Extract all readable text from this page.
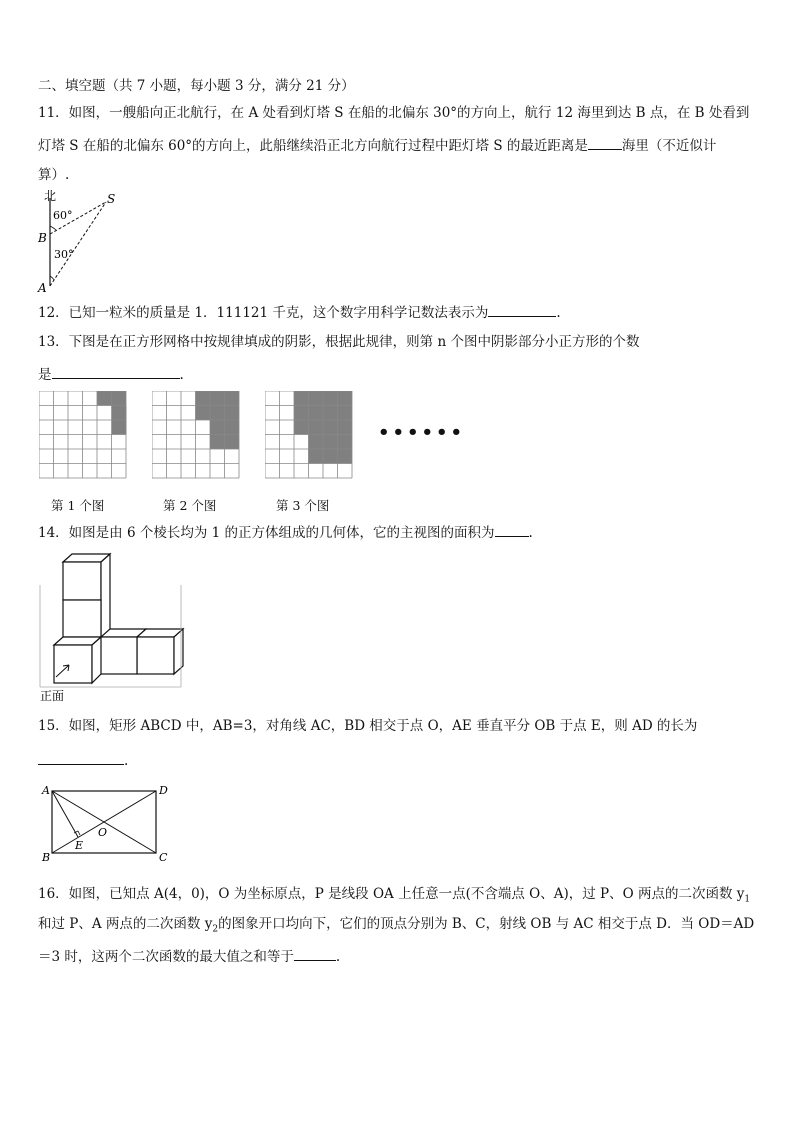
二、填空题（共 7 小题，每小题 3 分，满分 21 分）
11．如图，一艘船向正北航行，在 A 处看到灯塔 S 在船的北偏东 30°的方向上，航行 12 海里到达 B 点，在 B 处看到
灯塔 S 在船的北偏东 60°的方向上，此船继续沿正北方向航行过程中距灯塔 S 的最近距离是	海里（不近似计
算）.
北	S
60°
B
30°
A
12．已知一粒米的质量是 1．111121 千克，这个数字用科学记数法表示为	.
13．下图是在正方形网格中按规律填成的阴影，根据此规律，则第 n 个图中阴影部分小正方形的个数
是	.
••••••
第 1 个图	第 2 个图	第 3 个图
14．如图是由 6 个棱长均为 1 的正方体组成的几何体，它的主视图的面积为	.
正面
15．如图，矩形 ABCD 中，AB=3，对角线 AC，BD 相交于点 O，AE 垂直平分 OB 于点 E，则 AD 的长为
.
A	D
B	C
O
E
16．如图，已知点 A(4，0)，O 为坐标原点，P 是线段 OA 上任意一点(不含端点 O、A)，过 P、O 两点的二次函数 $y_1$
和过 P、A 两点的二次函数 $y_2$的图象开口均向下，它们的顶点分别为 B、C，射线 OB 与 AC 相交于点 D．当 OD＝AD
＝3 时，这两个二次函数的最大值之和等于	.
